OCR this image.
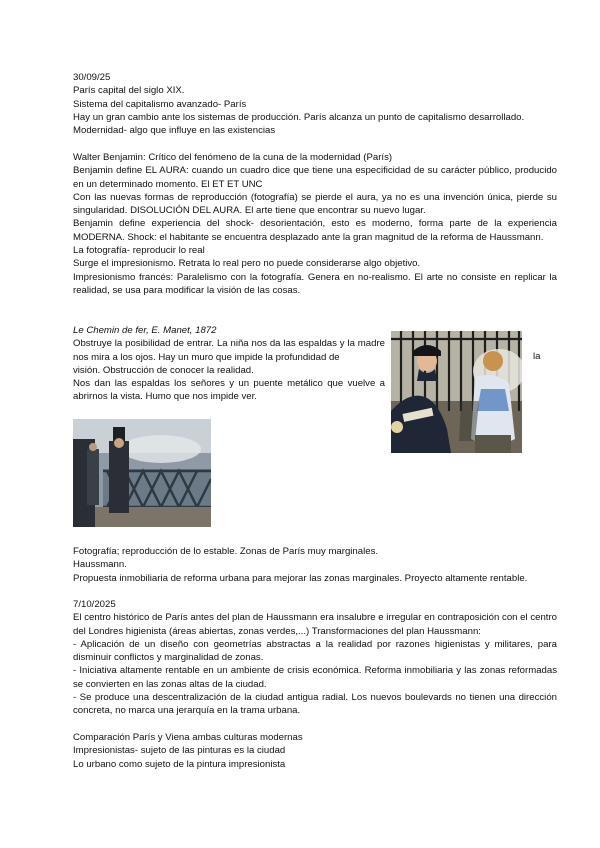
30/09/25

París capital del siglo XIX.

Sistema del capitalismo avanzado- París

Hay un gran cambio ante los sistemas de producción. París alcanza un punto de capitalismo desarrollado.

Modernidad- algo que influye en las existencias

Walter Benjamin: Crítico del fenómeno de la cuna de la modernidad (París)

Benjamin define EL AURA: cuando un cuadro dice que tiene una especificidad de su carácter público, producido en un determinado momento. El ET ET UNC

Con las nuevas formas de reproducción (fotografía) se pierde el aura, ya no es una invención única, pierde su singularidad. DISOLUCIÓN DEL AURA. El arte tiene que encontrar su nuevo lugar.

Benjamin define experiencia del shock- desorientación, esto es moderno, forma parte de la experiencia MODERNA. Shock: el habitante se encuentra desplazado ante la gran magnitud de la reforma de Haussmann.

La fotografía- reproducir lo real

Surge el impresionismo. Retrata lo real pero no puede considerarse algo objetivo.

Impresionismo francés: Paralelismo con la fotografía. Genera en no-realismo. El arte no consiste en replicar la realidad, se usa para modificar la visión de las cosas.

Le Chemin de fer, E. Manet, 1872

Obstruye la posibilidad de entrar. La niña nos da las espaldas y la madre nos mira a los ojos. Hay un muro que impide la profundidad de

visión. Obstrucción de conocer la realidad.

Nos dan las espaldas los señores y un puente metálico que vuelve a abrirnos la vista. Humo que nos impide ver.

la

Fotografía; reproducción de lo estable. Zonas de París muy marginales.

Haussmann.

Propuesta inmobiliaria de reforma urbana para mejorar las zonas marginales. Proyecto altamente rentable.

7/10/2025

El centro histórico de París antes del plan de Haussmann era insalubre e irregular en contraposición con el centro del Londres higienista (áreas abiertas, zonas verdes,...) Transformaciones del plan Haussmann:

- Aplicación de un diseño con geometrías abstractas a la realidad por razones higienistas y militares, para disminuir conflictos y marginalidad de zonas.

- Iniciativa altamente rentable en un ambiente de crisis económica. Reforma inmobiliaria y las zonas reformadas se convierten en las zonas altas de la ciudad.

- Se produce una descentralización de la ciudad antigua radial. Los nuevos boulevards no tienen una dirección concreta, no marca una jerarquía en la trama urbana.

Comparación París y Viena ambas culturas modernas

Impresionistas- sujeto de las pinturas es la ciudad

Lo urbano como sujeto de la pintura impresionista
